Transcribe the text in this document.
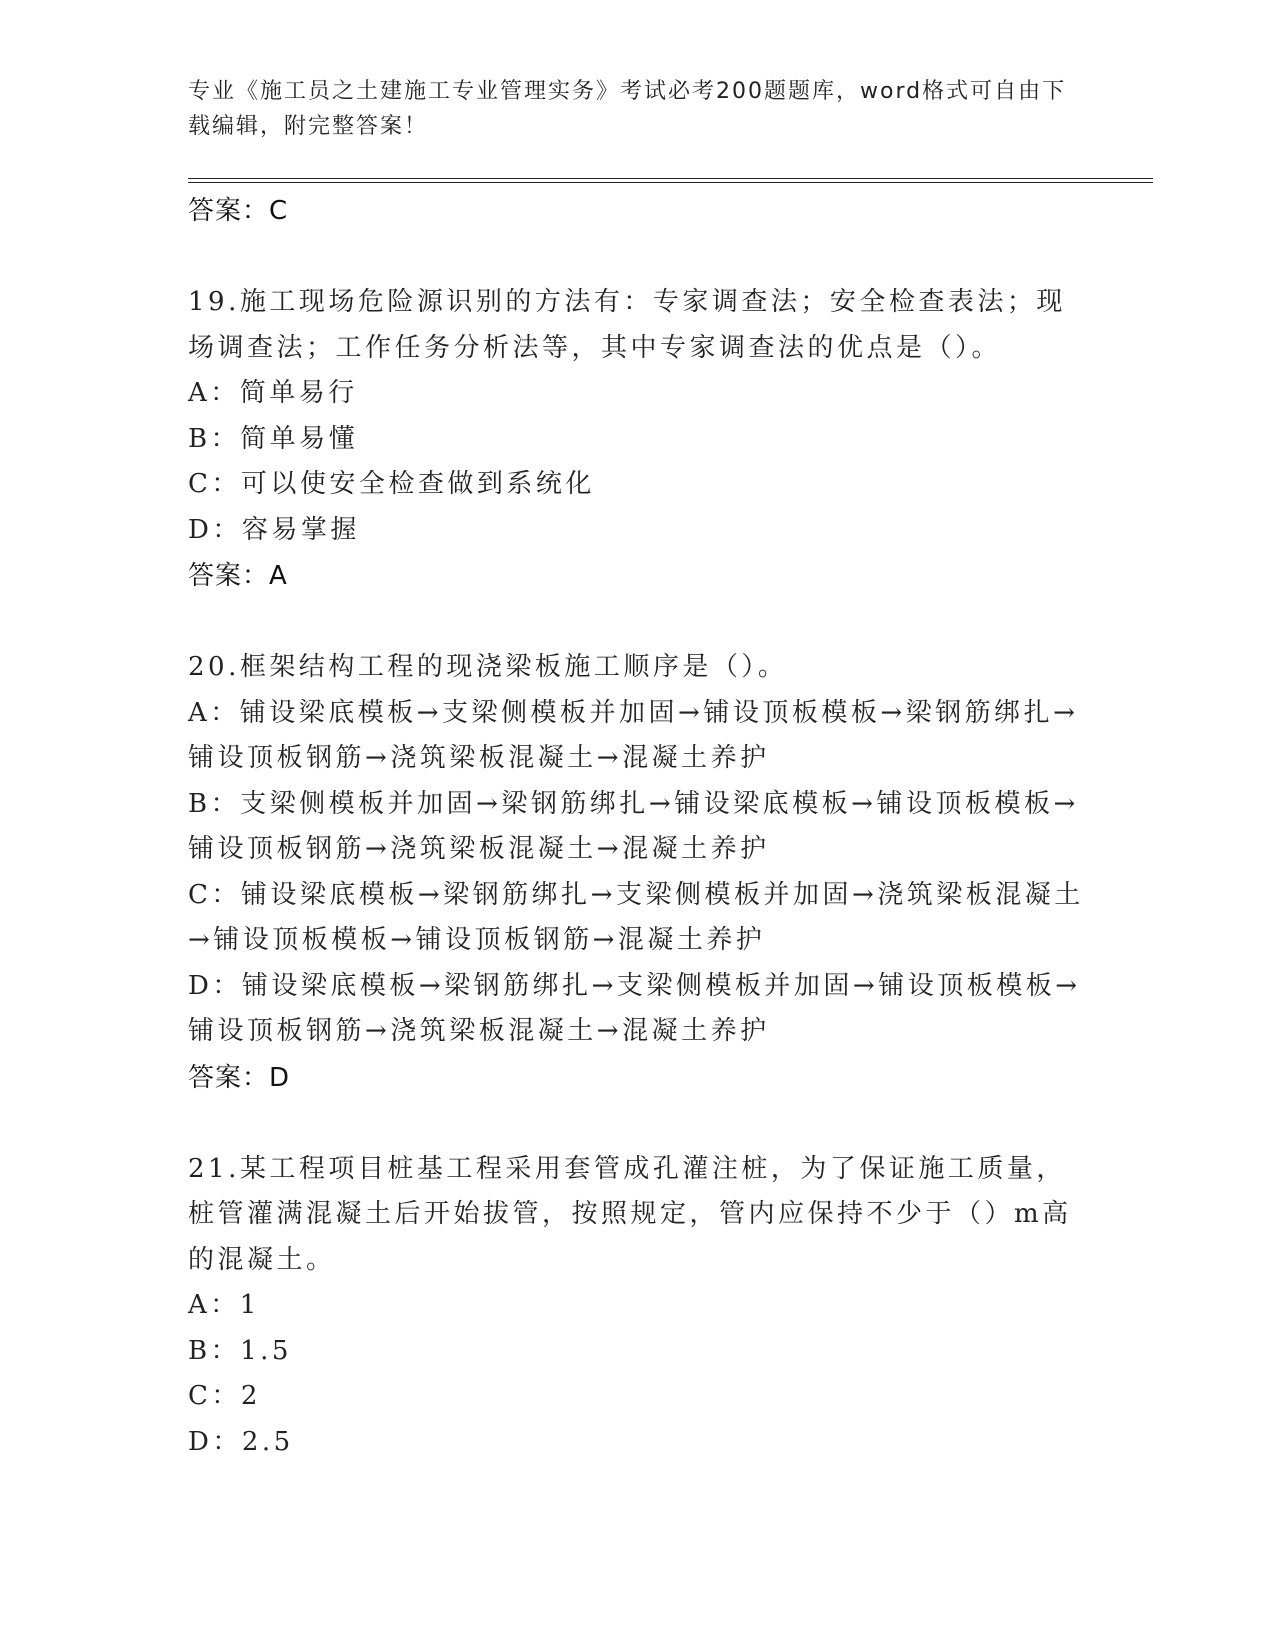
专业《施工员之土建施工专业管理实务》考试必考200题题库，word格式可自由下载编辑，附完整答案！

答案：C

19.施工现场危险源识别的方法有：专家调查法；安全检查表法；现场调查法；工作任务分析法等，其中专家调查法的优点是（）。

A：简单易行

B：简单易懂

C：可以使安全检查做到系统化

D：容易掌握

答案：A

20.框架结构工程的现浇梁板施工顺序是（）。

A：铺设梁底模板→支梁侧模板并加固→铺设顶板模板→梁钢筋绑扎→铺设顶板钢筋→浇筑梁板混凝土→混凝土养护

B：支梁侧模板并加固→梁钢筋绑扎→铺设梁底模板→铺设顶板模板→铺设顶板钢筋→浇筑梁板混凝土→混凝土养护

C：铺设梁底模板→梁钢筋绑扎→支梁侧模板并加固→浇筑梁板混凝土→铺设顶板模板→铺设顶板钢筋→混凝土养护

D：铺设梁底模板→梁钢筋绑扎→支梁侧模板并加固→铺设顶板模板→铺设顶板钢筋→浇筑梁板混凝土→混凝土养护

答案：D

21.某工程项目桩基工程采用套管成孔灌注桩，为了保证施工质量，桩管灌满混凝土后开始拔管，按照规定，管内应保持不少于（）m高的混凝土。

A：1

B：1.5

C：2

D：2.5
